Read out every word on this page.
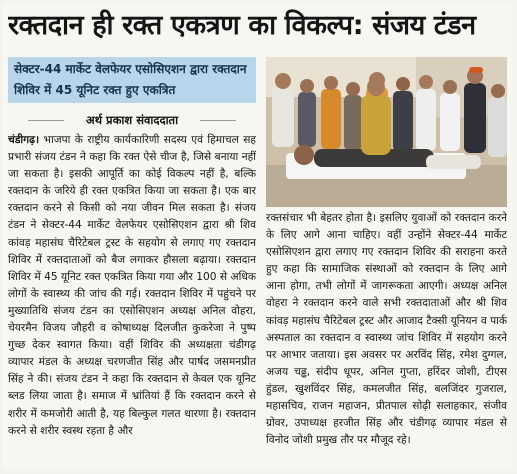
रक्तदान ही रक्त एकत्रण का विकल्प: संजय टंडन
सेक्टर-44 मार्केट वेलफेयर एसोसिएशन द्वारा रक्तदान शिविर में 45 यूनिट रक्त हुए एकत्रित
अर्थ प्रकाश संवाददाता

चंडीगढ़। भाजपा के राष्ट्रीय कार्यकारिणी सदस्य एवं हिमाचल सह प्रभारी संजय टंडन ने कहा कि रक्त ऐसे चीज है, जिसे बनाया नहीं जा सकता है। इसकी आपूर्ति का कोई विकल्प नहीं है, बल्कि रक्तदान के जरिये ही रक्त एकत्रित किया जा सकता है। एक बार रक्तदान करने से किसी को नया जीवन मिल सकता है। संजय टंडन ने सेक्टर-44 मार्केट वेलफेयर एसोसिएशन द्वारा श्री शिव कांवड़ महासंघ चैरिटेबल ट्रस्ट के सहयोग से लगाए गए रक्तदान शिविर में रक्तदाताओं को बैज लगाकर हौसला बढ़ाया। रक्तदान शिविर में 45 यूनिट रक्त एकत्रित किया गया और 100 से अधिक लोगों के स्वास्थ्य की जांच की गई। रक्तदान शिविर में पहुंचने पर मुख्यातिथि संजय टंडन का एसोसिएशन अध्यक्ष अनिल वोहरा, चेयरमैन विजय जौहरी व कोषाध्यक्ष दिलजीत कुकरेजा ने पुष्प गुच्छ देकर स्वागत किया। वहीं शिविर की अध्यक्षता चंडीगढ़ व्यापार मंडल के अध्यक्ष चरणजीत सिंह और पार्षद जसमनप्रीत सिंह ने की। संजय टंडन ने कहा कि रक्तदान से केवल एक यूनिट ब्लड लिया जाता है। समाज में भ्रांतियां हैं कि रक्तदान करने से शरीर में कमजोरी आती है, यह बिल्कुल गलत धारणा है। रक्तदान करने से शरीर स्वस्थ रहता है और

रक्तसंचार भी बेहतर होता है। इसलिए युवाओं को रक्तदान करने के लिए आगे आना चाहिए। वहीं उन्होंने सेक्टर-44 मार्केट एसोसिएशन द्वारा लगाए गए रक्तदान शिविर की सराहना करते हुए कहा कि सामाजिक संस्थाओं को रक्तदान के लिए आगे आना होगा, तभी लोगों में जागरूकता आएगी। अध्यक्ष अनिल वोहरा ने रक्तदान करने वाले सभी रक्तदाताओं और श्री शिव कांवड़ महासंघ चैरिटेबल ट्रस्ट और आजाद टैक्सी यूनियन व पार्क अस्पताल का रक्तदान व स्वास्थ्य जांच शिविर में सहयोग करने पर आभार जताया। इस अवसर पर अरविंद सिंह, रमेश दुग्गल, अजय चढ्ढ, संदीप धूपर, अनिल गुप्ता, हरिंदर जोशी, टीएस हुंडल, खुशविंदर सिंह, कमलजीत सिंह, बलजिंदर गुजराल, महासचिव, राजन महाजन, प्रीतपाल सोढ़ी सलाहकार, संजीव ग्रोवर, उपाध्यक्ष हरजीत सिंह और चंडीगढ़ व्यापार मंडल से विनोद जोशी प्रमुख तौर पर मौजूद रहे।
